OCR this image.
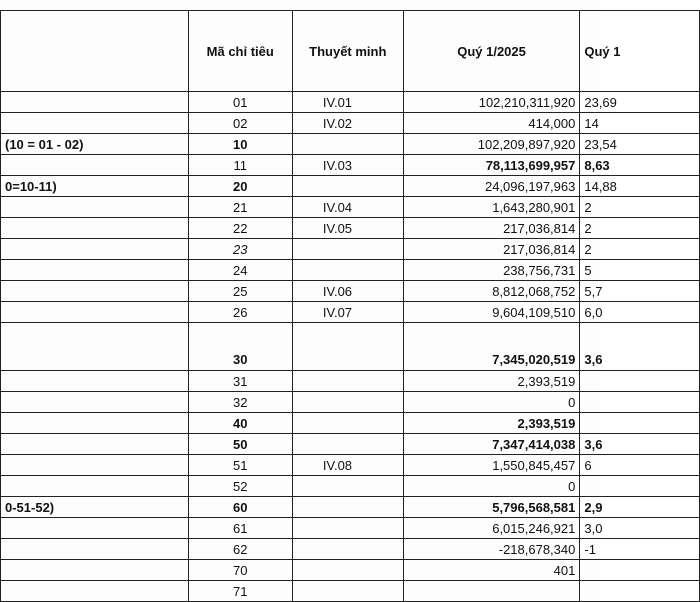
	Mã chỉ tiêu	Thuyết minh	Quý 1/2025	Quý 1
	01	IV.01	102,210,311,920	23,69
	02	IV.02	414,000	14
(10 = 01 - 02)	10		102,209,897,920	23,54
	11	IV.03	78,113,699,957	8,63
0=10-11)	20		24,096,197,963	14,88
	21	IV.04	1,643,280,901	2
	22	IV.05	217,036,814	2
	23		217,036,814	2
	24		238,756,731	5
	25	IV.06	8,812,068,752	5,7
	26	IV.07	9,604,109,510	6,0
	30		7,345,020,519	3,6
	31		2,393,519	
	32		0	
	40		2,393,519	
	50		7,347,414,038	3,6
	51	IV.08	1,550,845,457	6
	52		0	
0-51-52)	60		5,796,568,581	2,9
	61		6,015,246,921	3,0
	62		-218,678,340	-1
	70		401	
	71			
